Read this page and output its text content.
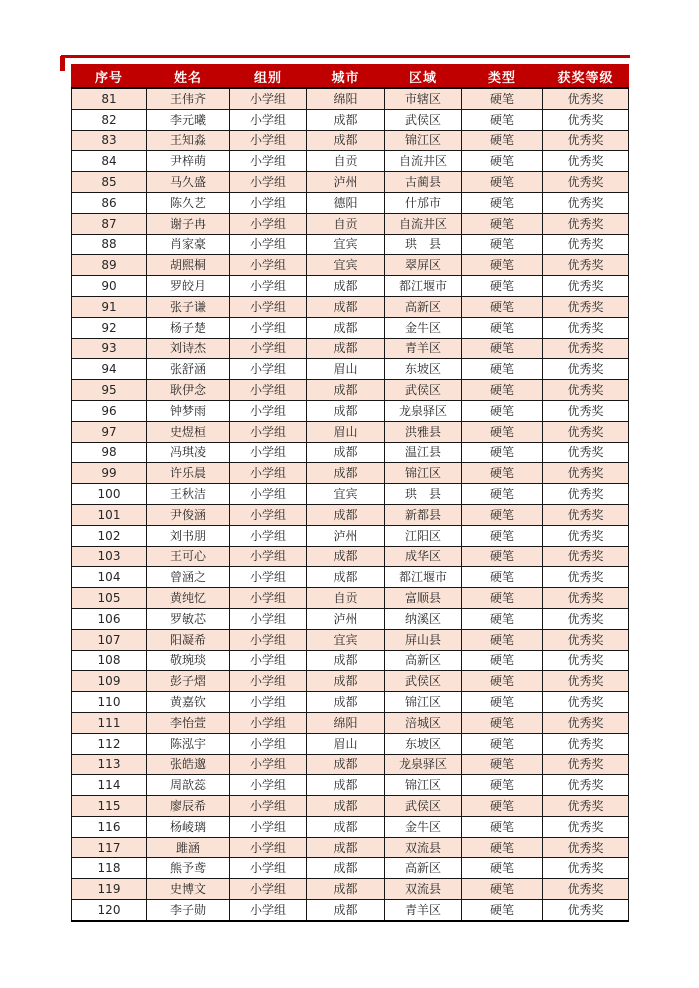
序号	姓名	组别	城市	区域	类型	获奖等级
81	王伟齐	小学组	绵阳	市辖区	硬笔	优秀奖
82	李元曦	小学组	成都	武侯区	硬笔	优秀奖
83	王知淼	小学组	成都	锦江区	硬笔	优秀奖
84	尹梓萌	小学组	自贡	自流井区	硬笔	优秀奖
85	马久盛	小学组	泸州	古蔺县	硬笔	优秀奖
86	陈久艺	小学组	德阳	什邡市	硬笔	优秀奖
87	谢子冉	小学组	自贡	自流井区	硬笔	优秀奖
88	肖家豪	小学组	宜宾	珙　县	硬笔	优秀奖
89	胡熙桐	小学组	宜宾	翠屏区	硬笔	优秀奖
90	罗皎月	小学组	成都	都江堰市	硬笔	优秀奖
91	张子谦	小学组	成都	高新区	硬笔	优秀奖
92	杨子楚	小学组	成都	金牛区	硬笔	优秀奖
93	刘诗杰	小学组	成都	青羊区	硬笔	优秀奖
94	张舒涵	小学组	眉山	东坡区	硬笔	优秀奖
95	耿伊念	小学组	成都	武侯区	硬笔	优秀奖
96	钟梦雨	小学组	成都	龙泉驿区	硬笔	优秀奖
97	史煜桓	小学组	眉山	洪雅县	硬笔	优秀奖
98	冯琪凌	小学组	成都	温江县	硬笔	优秀奖
99	许乐晨	小学组	成都	锦江区	硬笔	优秀奖
100	王秋洁	小学组	宜宾	珙　县	硬笔	优秀奖
101	尹俊涵	小学组	成都	新都县	硬笔	优秀奖
102	刘书朋	小学组	泸州	江阳区	硬笔	优秀奖
103	王可心	小学组	成都	成华区	硬笔	优秀奖
104	曾涵之	小学组	成都	都江堰市	硬笔	优秀奖
105	黄纯忆	小学组	自贡	富顺县	硬笔	优秀奖
106	罗敏芯	小学组	泸州	纳溪区	硬笔	优秀奖
107	阳凝希	小学组	宜宾	屏山县	硬笔	优秀奖
108	敬琬琰	小学组	成都	高新区	硬笔	优秀奖
109	彭子熠	小学组	成都	武侯区	硬笔	优秀奖
110	黄嘉钦	小学组	成都	锦江区	硬笔	优秀奖
111	李怡萱	小学组	绵阳	涪城区	硬笔	优秀奖
112	陈泓宇	小学组	眉山	东坡区	硬笔	优秀奖
113	张皓邈	小学组	成都	龙泉驿区	硬笔	优秀奖
114	周歆蕊	小学组	成都	锦江区	硬笔	优秀奖
115	廖辰希	小学组	成都	武侯区	硬笔	优秀奖
116	杨崚璃	小学组	成都	金牛区	硬笔	优秀奖
117	雎涵	小学组	成都	双流县	硬笔	优秀奖
118	熊予鸢	小学组	成都	高新区	硬笔	优秀奖
119	史博文	小学组	成都	双流县	硬笔	优秀奖
120	李子勋	小学组	成都	青羊区	硬笔	优秀奖
